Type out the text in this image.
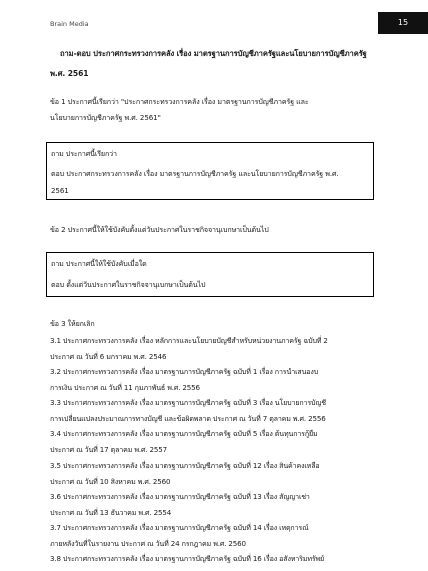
Brain Media	15
ถาม-ตอบ ประกาศกระทรวงการคลัง เรื่อง มาตรฐานการบัญชีภาครัฐและนโยบายการบัญชีภาครัฐ
พ.ศ. 2561
ข้อ 1 ประกาศนี้เรียกว่า "ประกาศกระทรวงการคลัง เรื่อง มาตรฐานการบัญชีภาครัฐ และ
นโยบายการบัญชีภาครัฐ พ.ศ. 2561"
ถาม ประกาศนี้เรียกว่า
ตอบ ประกาศกระทรวงการคลัง เรื่อง มาตรฐานการบัญชีภาครัฐ และนโยบายการบัญชีภาครัฐ พ.ศ.
2561
ข้อ 2 ประกาศนี้ให้ใช้บังคับตั้งแต่วันประกาศในราชกิจจานุเบกษาเป็นต้นไป
ถาม ประกาศนี้ให้ใช้บังคับเมื่อใด
ตอบ ตั้งแต่วันประกาศในราชกิจจานุเบกษาเป็นต้นไป
ข้อ 3 ให้ยกเลิก
3.1 ประกาศกระทรวงการคลัง เรื่อง หลักการและนโยบายบัญชีสำหรับหน่วยงานภาครัฐ ฉบับที่ 2
ประกาศ ณ วันที่ 6 มกราคม พ.ศ. 2546
3.2 ประกาศกระทรวงการคลัง เรื่อง มาตรฐานการบัญชีภาครัฐ ฉบับที่ 1 เรื่อง การนำเสนองบ
การเงิน ประกาศ ณ วันที่ 11 กุมภาพันธ์ พ.ศ. 2556
3.3 ประกาศกระทรวงการคลัง เรื่อง มาตรฐานการบัญชีภาครัฐ ฉบับที่ 3 เรื่อง นโยบายการบัญชี
การเปลี่ยนแปลงประมาณการทางบัญชี และข้อผิดพลาด ประกาศ ณ วันที่ 7 ตุลาคม พ.ศ. 2556
3.4 ประกาศกระทรวงการคลัง เรื่อง มาตรฐานการบัญชีภาครัฐ ฉบับที่ 5 เรื่อง ต้นทุนการกู้ยืม
ประกาศ ณ วันที่ 17 ตุลาคม พ.ศ. 2557
3.5 ประกาศกระทรวงการคลัง เรื่อง มาตรฐานการบัญชีภาครัฐ ฉบับที่ 12 เรื่อง สินค้าคงเหลือ
ประกาศ ณ วันที่ 10 สิงหาคม พ.ศ. 2560
3.6 ประกาศกระทรวงการคลัง เรื่อง มาตรฐานการบัญชีภาครัฐ ฉบับที่ 13 เรื่อง สัญญาเช่า
ประกาศ ณ วันที่ 13 ธันวาคม พ.ศ. 2554
3.7 ประกาศกระทรวงการคลัง เรื่อง มาตรฐานการบัญชีภาครัฐ ฉบับที่ 14 เรื่อง เหตุการณ์
ภายหลังวันที่ในรายงาน ประกาศ ณ วันที่ 24 กรกฎาคม พ.ศ. 2560
3.8 ประกาศกระทรวงการคลัง เรื่อง มาตรฐานการบัญชีภาครัฐ ฉบับที่ 16 เรื่อง อสังหาริมทรัพย์
